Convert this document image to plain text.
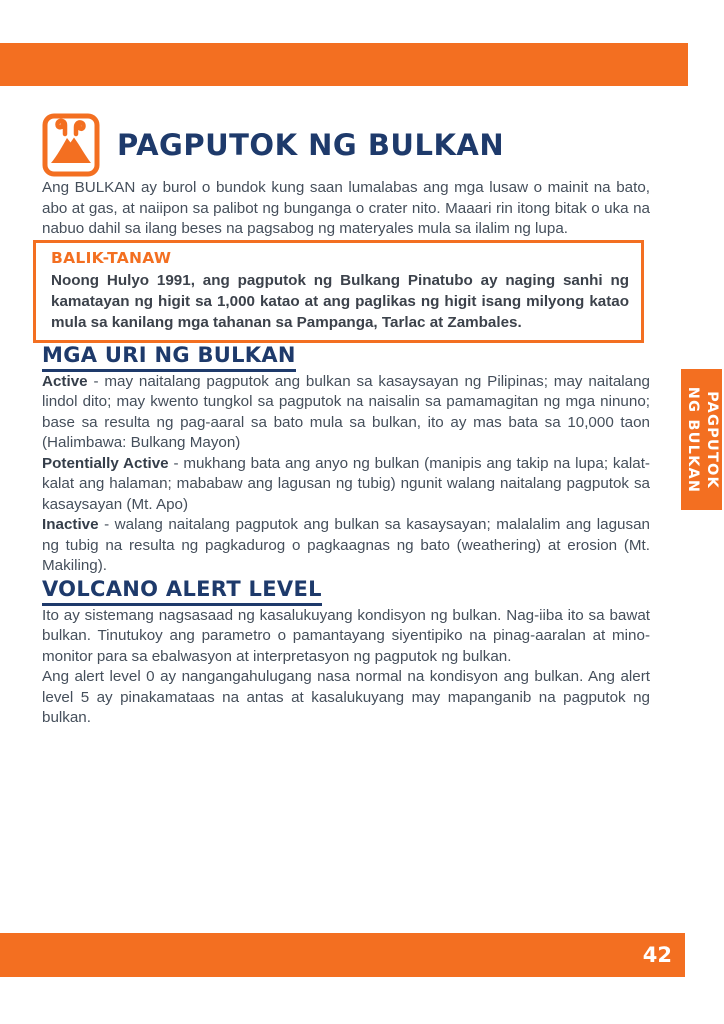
PAGPUTOK NG BULKAN

Ang BULKAN ay burol o bundok kung saan lumalabas ang mga lusaw o mainit na bato, abo at gas, at naiipon sa palibot ng bunganga o crater nito. Maaari rin itong bitak o uka na nabuo dahil sa ilang beses na pagsabog ng materyales mula sa ilalim ng lupa.

BALIK-TANAW

Noong Hulyo 1991, ang pagputok ng Bulkang Pinatubo ay naging sanhi ng kamatayan ng higit sa 1,000 katao at ang paglikas ng higit isang milyong katao mula sa kanilang mga tahanan sa Pampanga, Tarlac at Zambales.

MGA URI NG BULKAN

Active - may naitalang pagputok ang bulkan sa kasaysayan ng Pilipinas; may naitalang lindol dito; may kwento tungkol sa pagputok na naisalin sa pamamagitan ng mga ninuno; base sa resulta ng pag-aaral sa bato mula sa bulkan, ito ay mas bata sa 10,000 taon (Halimbawa: Bulkang Mayon)

Potentially Active - mukhang bata ang anyo ng bulkan (manipis ang takip na lupa; kalat-kalat ang halaman; mababaw ang lagusan ng tubig) ngunit walang naitalang pagputok sa kasaysayan (Mt. Apo)

Inactive - walang naitalang pagputok ang bulkan sa kasaysayan; malalalim ang lagusan ng tubig na resulta ng pagkadurog o pagkaagnas ng bato (weathering) at erosion (Mt. Makiling).

VOLCANO ALERT LEVEL

Ito ay sistemang nagsasaad ng kasalukuyang kondisyon ng bulkan. Nag-iiba ito sa bawat bulkan. Tinutukoy ang parametro o pamantayang siyentipiko na pinag-aaralan at mino-monitor para sa ebalwasyon at interpretasyon ng pagputok ng bulkan.

Ang alert level 0 ay nangangahulugang nasa normal na kondisyon ang bulkan. Ang alert level 5 ay pinakamataas na antas at kasalukuyang may mapanganib na pagputok ng bulkan.

PAGPUTOK
NG BULKAN
42
